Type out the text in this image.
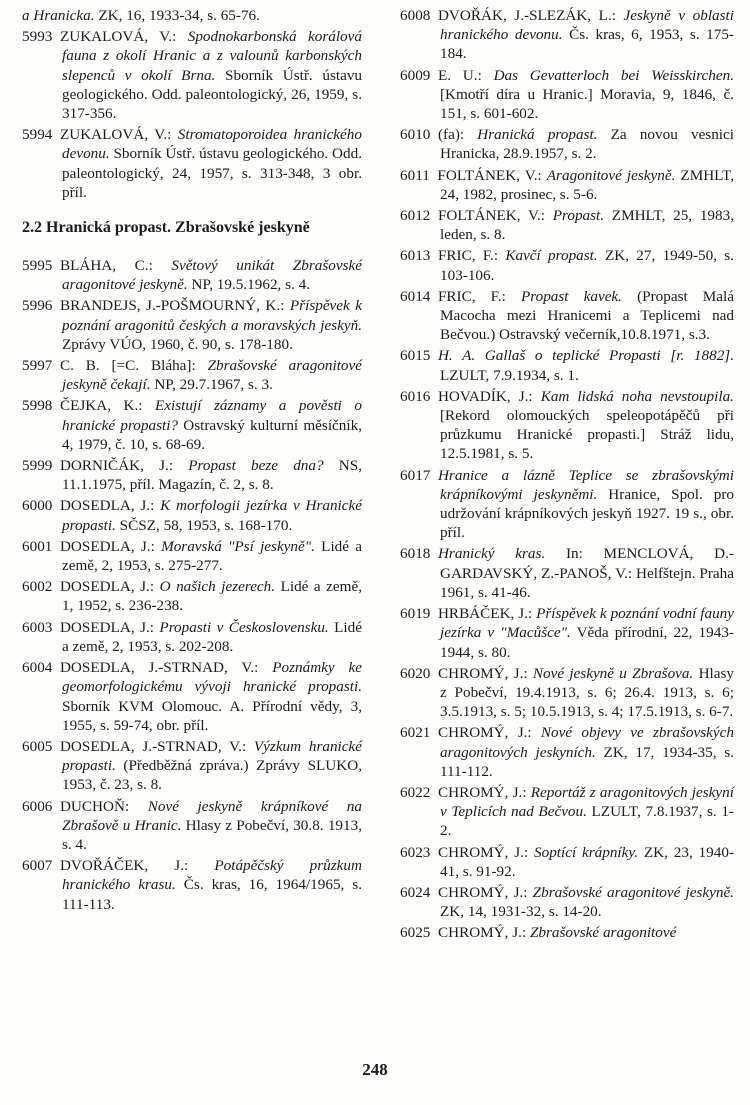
a Hranicka. ZK, 16, 1933-34, s. 65-76.

5993  ZUKALOVÁ, V.: Spodnokarbonská korálová fauna z okolí Hranic a z valounů karbonských slepenců v okolí Brna. Sborník Ústř. ústavu geologického. Odd. paleontologický, 26, 1959, s. 317-356.

5994  ZUKALOVÁ, V.: Stromatoporoidea hranického devonu. Sborník Ústř. ústavu geologického. Odd. paleontologický, 24, 1957, s. 313-348, 3 obr. příl.

2.2 Hranická propast. Zbrašovské jeskyně

5995  BLÁHA, C.: Světový unikát Zbrašovské aragonitové jeskyně. NP, 19.5.1962, s. 4.

5996  BRANDEJS, J.-POŠMOURNÝ, K.: Příspěvek k poznání aragonitů českých a moravských jeskyň. Zprávy VÚO, 1960, č. 90, s. 178-180.

5997  C. B. [=C. Bláha]: Zbrašovské aragonitové jeskyně čekají. NP, 29.7.1967, s. 3.

5998  ČEJKA, K.: Existují záznamy a pověsti o hranické propasti? Ostravský kulturní měsíčník, 4, 1979, č. 10, s. 68-69.

5999  DORNIČÁK, J.: Propast beze dna? NS, 11.1.1975, příl. Magazín, č. 2, s. 8.

6000  DOSEDLA, J.: K morfologii jezírka v Hranické propasti. SČSZ, 58, 1953, s. 168-170.

6001  DOSEDLA, J.: Moravská "Psí jeskyně". Lidé a země, 2, 1953, s. 275-277.

6002  DOSEDLA, J.: O našich jezerech. Lidé a země, 1, 1952, s. 236-238.

6003  DOSEDLA, J.: Propasti v Československu. Lidé a země, 2, 1953, s. 202-208.

6004  DOSEDLA, J.-STRNAD, V.: Poznámky ke geomorfologickému vývoji hranické propasti. Sborník KVM Olomouc. A. Přírodní vědy, 3, 1955, s. 59-74, obr. příl.

6005  DOSEDLA, J.-STRNAD, V.: Výzkum hranické propasti. (Předběžná zpráva.) Zprávy SLUKO, 1953, č. 23, s. 8.

6006  DUCHOŇ: Nové jeskyně krápníkové na Zbrašově u Hranic. Hlasy z Pobečví, 30.8. 1913, s. 4.

6007  DVOŘÁČEK, J.: Potápěčský průzkum hranického krasu. Čs. kras, 16, 1964/1965, s. 111-113.

6008  DVOŘÁK, J.-SLEZÁK, L.: Jeskyně v oblasti hranického devonu. Čs. kras, 6, 1953, s. 175-184.

6009  E. U.: Das Gevatterloch bei Weisskirchen. [Kmotří díra u Hranic.] Moravia, 9, 1846, č. 151, s. 601-602.

6010  (fa): Hranická propast. Za novou vesnici Hranicka, 28.9.1957, s. 2.

6011  FOLTÁNEK, V.: Aragonitové jeskyně. ZMHLT, 24, 1982, prosinec, s. 5-6.

6012  FOLTÁNEK, V.: Propast. ZMHLT, 25, 1983, leden, s. 8.

6013  FRIC, F.: Kavčí propast. ZK, 27, 1949-50, s. 103-106.

6014  FRIC, F.: Propast kavek. (Propast Malá Macocha mezi Hranicemi a Teplicemi nad Bečvou.) Ostravský večerník,10.8.1971, s.3.

6015  H. A. Gallaš o teplické Propasti [r. 1882]. LZULT, 7.9.1934, s. 1.

6016  HOVADÍK, J.: Kam lidská noha nevstoupila. [Rekord olomouckých speleopotápěčů při průzkumu Hranické propasti.] Stráž lidu, 12.5.1981, s. 5.

6017  Hranice a lázně Teplice se zbrašovskými krápníkovými jeskyněmi. Hranice, Spol. pro udržování krápníkových jeskyň 1927. 19 s., obr. příl.

6018  Hranický kras. In: MENCLOVÁ, D.-GARDAVSKÝ, Z.-PANOŠ, V.: Helfštejn. Praha 1961, s. 41-46.

6019  HRBÁČEK, J.: Příspěvek k poznání vodní fauny jezírka v "Macůšce". Věda přírodní, 22, 1943-1944, s. 80.

6020  CHROMÝ, J.: Nové jeskyně u Zbrašova. Hlasy z Pobečví, 19.4.1913, s. 6; 26.4. 1913, s. 6; 3.5.1913, s. 5; 10.5.1913, s. 4; 17.5.1913, s. 6-7.

6021  CHROMÝ, J.: Nové objevy ve zbrašovských aragonitových jeskyních. ZK, 17, 1934-35, s. 111-112.

6022  CHROMÝ, J.: Reportáž z aragonitových jeskyní v Teplicích nad Bečvou. LZULT, 7.8.1937, s. 1-2.

6023  CHROMÝ, J.: Soptící krápníky. ZK, 23, 1940-41, s. 91-92.

6024  CHROMÝ, J.: Zbrašovské aragonitové jeskyně. ZK, 14, 1931-32, s. 14-20.

6025  CHROMÝ, J.: Zbrašovské aragonitové

248
